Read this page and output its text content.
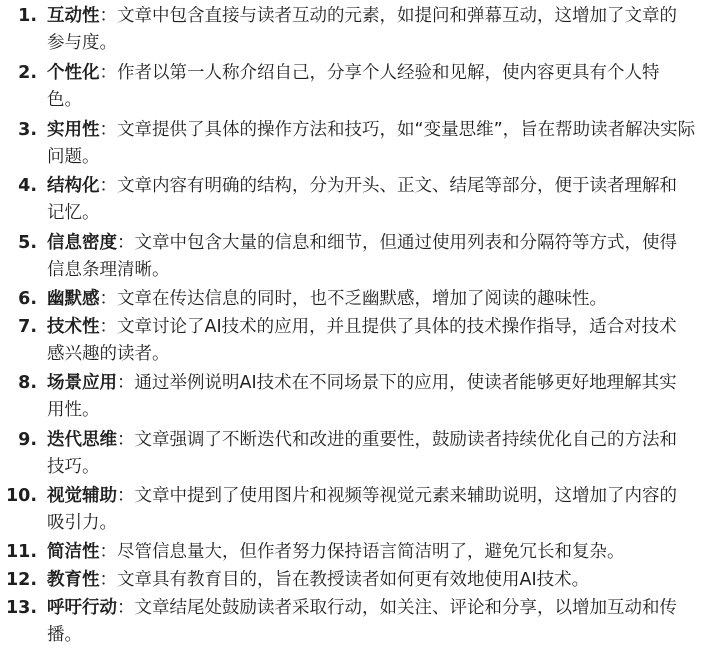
1. 互动性：文章中包含直接与读者互动的元素，如提问和弹幕互动，这增加了文章的
参与度。
2. 个性化：作者以第一人称介绍自己，分享个人经验和见解，使内容更具有个人特
色。
3. 实用性：文章提供了具体的操作方法和技巧，如“变量思维”，旨在帮助读者解决实际
问题。
4. 结构化：文章内容有明确的结构，分为开头、正文、结尾等部分，便于读者理解和
记忆。
5. 信息密度：文章中包含大量的信息和细节，但通过使用列表和分隔符等方式，使得
信息条理清晰。
6. 幽默感：文章在传达信息的同时，也不乏幽默感，增加了阅读的趣味性。
7. 技术性：文章讨论了AI技术的应用，并且提供了具体的技术操作指导，适合对技术
感兴趣的读者。
8. 场景应用：通过举例说明AI技术在不同场景下的应用，使读者能够更好地理解其实
用性。
9. 迭代思维：文章强调了不断迭代和改进的重要性，鼓励读者持续优化自己的方法和
技巧。
10. 视觉辅助：文章中提到了使用图片和视频等视觉元素来辅助说明，这增加了内容的
吸引力。
11. 简洁性：尽管信息量大，但作者努力保持语言简洁明了，避免冗长和复杂。
12. 教育性：文章具有教育目的，旨在教授读者如何更有效地使用AI技术。
13. 呼吁行动：文章结尾处鼓励读者采取行动，如关注、评论和分享，以增加互动和传
播。
